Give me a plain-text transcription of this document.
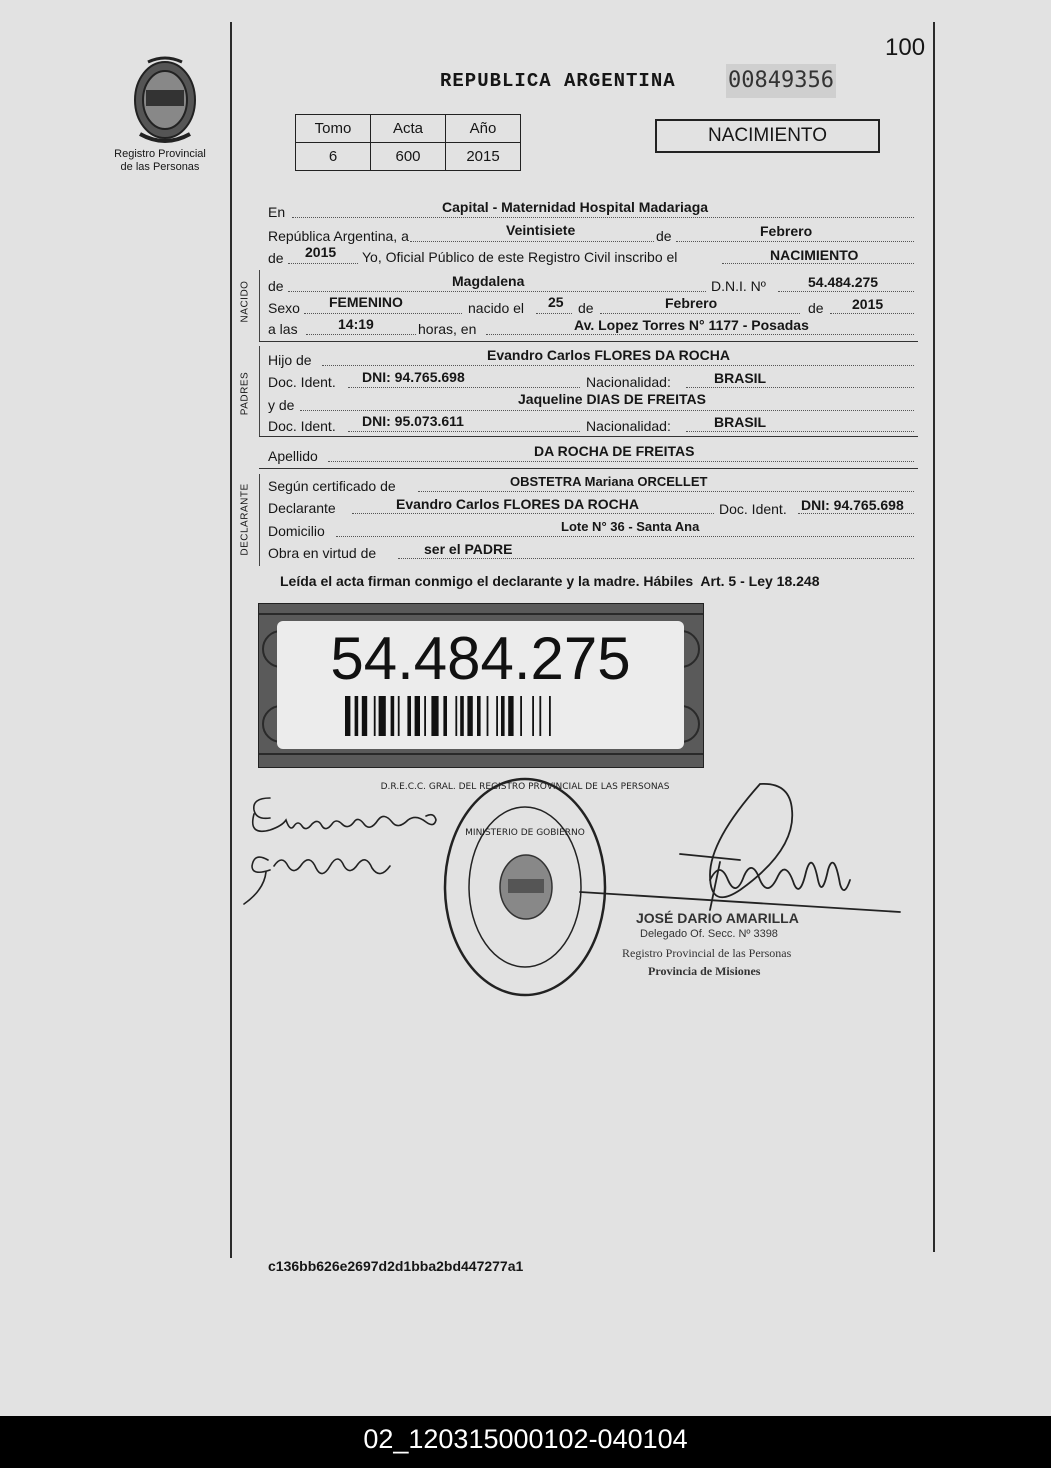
100
Registro Provincial
de las Personas
REPUBLICA ARGENTINA 00849356
Tomo	Acta	Año
6	600	2015
NACIMIENTO
En	Capital - Maternidad Hospital Madariaga
República Argentina, a	Veintisiete	de	Febrero
de 2015 Yo, Oficial Público de este Registro Civil inscribo el	NACIMIENTO
NACIDO de	Magdalena	D.N.I. Nº	54.484.275
Sexo FEMENINO	nacido el 25 de	Febrero	de 2015
a las	14:19	horas, en	Av. Lopez Torres N° 1177 - Posadas
PADRES
Hijo de	Evandro Carlos FLORES DA ROCHA
Doc. Ident. DNI: 94.765.698	Nacionalidad:	BRASIL
y de	Jaqueline DIAS DE FREITAS
Doc. Ident. DNI: 95.073.611	Nacionalidad:	BRASIL
Apellido	DA ROCHA DE FREITAS
DECLARANTE Según certificado de	OBSTETRA Mariana ORCELLET
Declarante	Evandro Carlos FLORES DA ROCHA	Doc. Ident. DNI: 94.765.698
Domicilio	Lote N° 36 - Santa Ana
Obra en virtud de	ser el PADRE
Leída el acta firman conmigo el declarante y la madre. Hábiles  Art. 5 - Ley 18.248
54.484.275
D.R.E.C.C. GRAL. DEL REGISTRO PROVINCIAL DE LAS PERSONAS
MINISTERIO DE GOBIERNO
JOSÉ DARIO AMARILLA
Delegado Of. Secc. Nº 3398
Registro Provincial de las Personas
Provincia de Misiones
c136bb626e2697d2d1bba2bd447277a1
02_120315000102-040104
